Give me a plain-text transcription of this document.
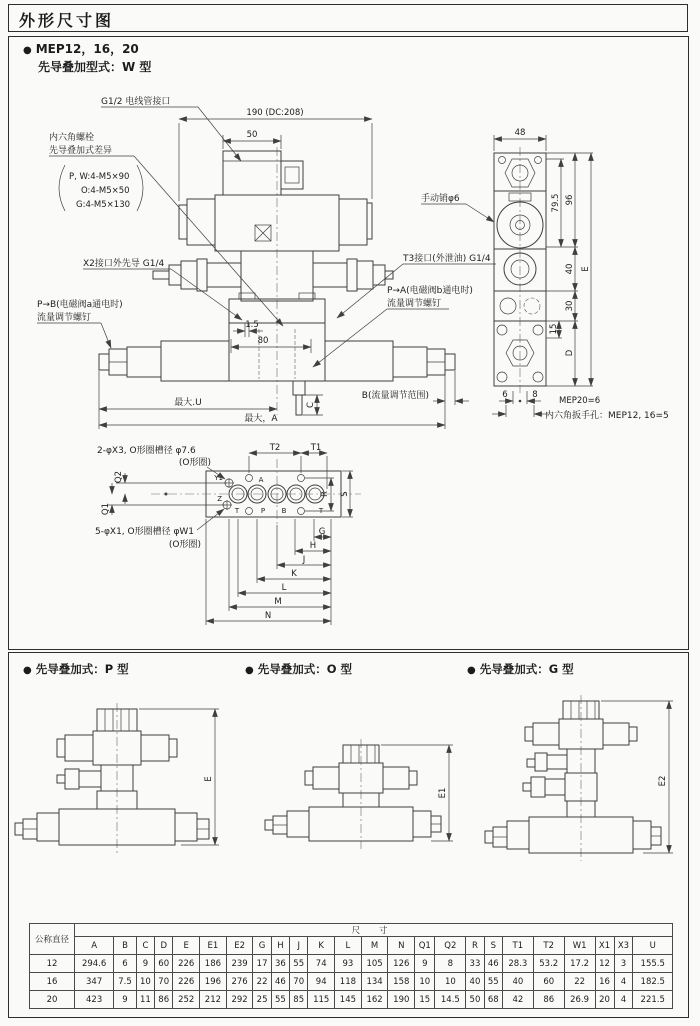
外形尺寸图
● MEP12，16，20
先导叠加型式：W 型
190 (DC:208)
50
G1/2 电线管接口
内六角螺栓
先导叠加式差异
P, W:4-M5×90
O:4-M5×50
G:4-M5×130
X2接口外先导 G1/4
P→B(电磁阀a通电时)
流量调节螺钉
T3接口(外泄油) G1/4
P→A(电磁阀b通电时)
流量调节螺钉
1.5
80
C
最大.U
最大，A
B(流量调节范围)
手动销φ6
48
79.5 96
40
30
15
D
E
6	8
MEP20=6
内六角扳手孔：MEP12, 16=5
Y1
Z
A
T	P B	T
2-φX3, O形圈槽径 φ7.6
(O形圈)
5-φX1, O形圈槽径 φW1
(O形圈)
T2	T1
R S
Q2
Q1
G
H
J
K
L
M
N
● 先导叠加式：P 型	● 先导叠加式：O 型	● 先导叠加式：G 型
E
E1
E2
公称直径	尺 寸																							
	A	B	C	D	E	E1	E2	G	H	J	K	L	M	N	Q1	Q2	R	S	T1	T2	W1	X1	X3	U
12	294.6	6	9	60	226	186	239	17	36	55	74	93	105	126	9	8	33	46	28.3	53.2	17.2	12	3	155.5
16	347	7.5	10	70	226	196	276	22	46	70	94	118	134	158	10	10	40	55	40	60	22	16	4	182.5
20	423	9	11	86	252	212	292	25	55	85	115	145	162	190	15	14.5	50	68	42	86	26.9	20	4	221.5
